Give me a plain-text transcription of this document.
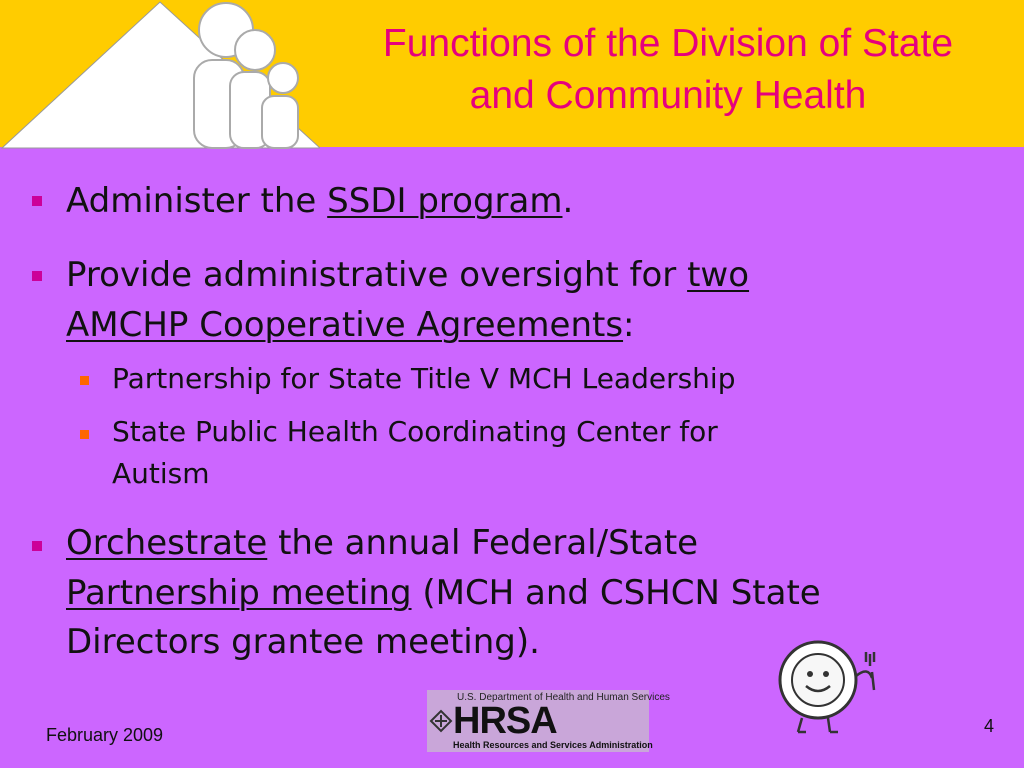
Functions of the Division of State
and Community Health
Administer the SSDI program.
Provide administrative oversight for two
AMCHP Cooperative Agreements:
Partnership for State Title V MCH Leadership
State Public Health Coordinating Center for
Autism
Orchestrate the annual Federal/State
Partnership meeting (MCH and CSHCN State
Directors grantee meeting).
U.S. Department of Health and Human Services
HRSA
Health Resources and Services Administration
February 2009	4
